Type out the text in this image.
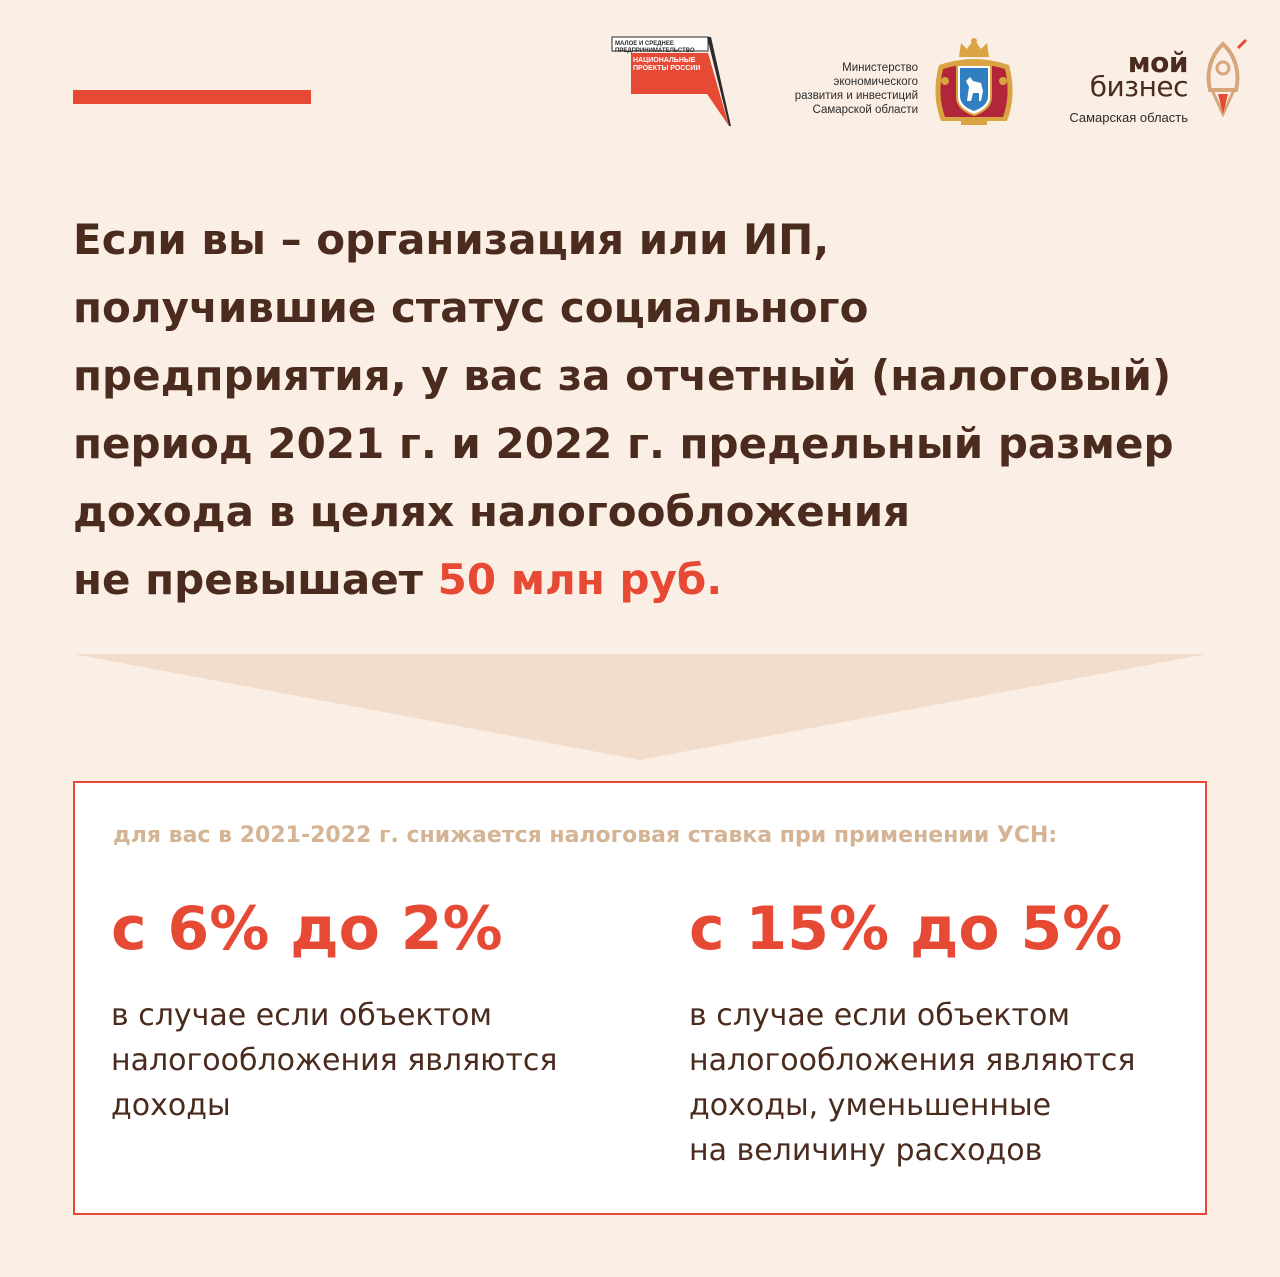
МАЛОЕ И СРЕДНЕЕ ПРЕДПРИНИМАТЕЛЬСТВО
НАЦИОНАЛЬНЫЕ ПРОЕКТЫ РОССИИ	Министерство
экономического
развития и инвестиций
Самарской области
мой
бизнес
Самарская область
Если вы – организация или ИП,
получившие статус социального
предприятия, у вас за отчетный (налоговый)
период 2021 г. и 2022 г. предельный размер
дохода в целях налогообложения
не превышает 50 млн руб.
для вас в 2021-2022 г. снижается налоговая ставка при применении УСН:
с 6% до 2%
в случае если объектом
налогообложения являются
доходы
с 15% до 5%
в случае если объектом
налогообложения являются
доходы, уменьшенные
на величину расходов
